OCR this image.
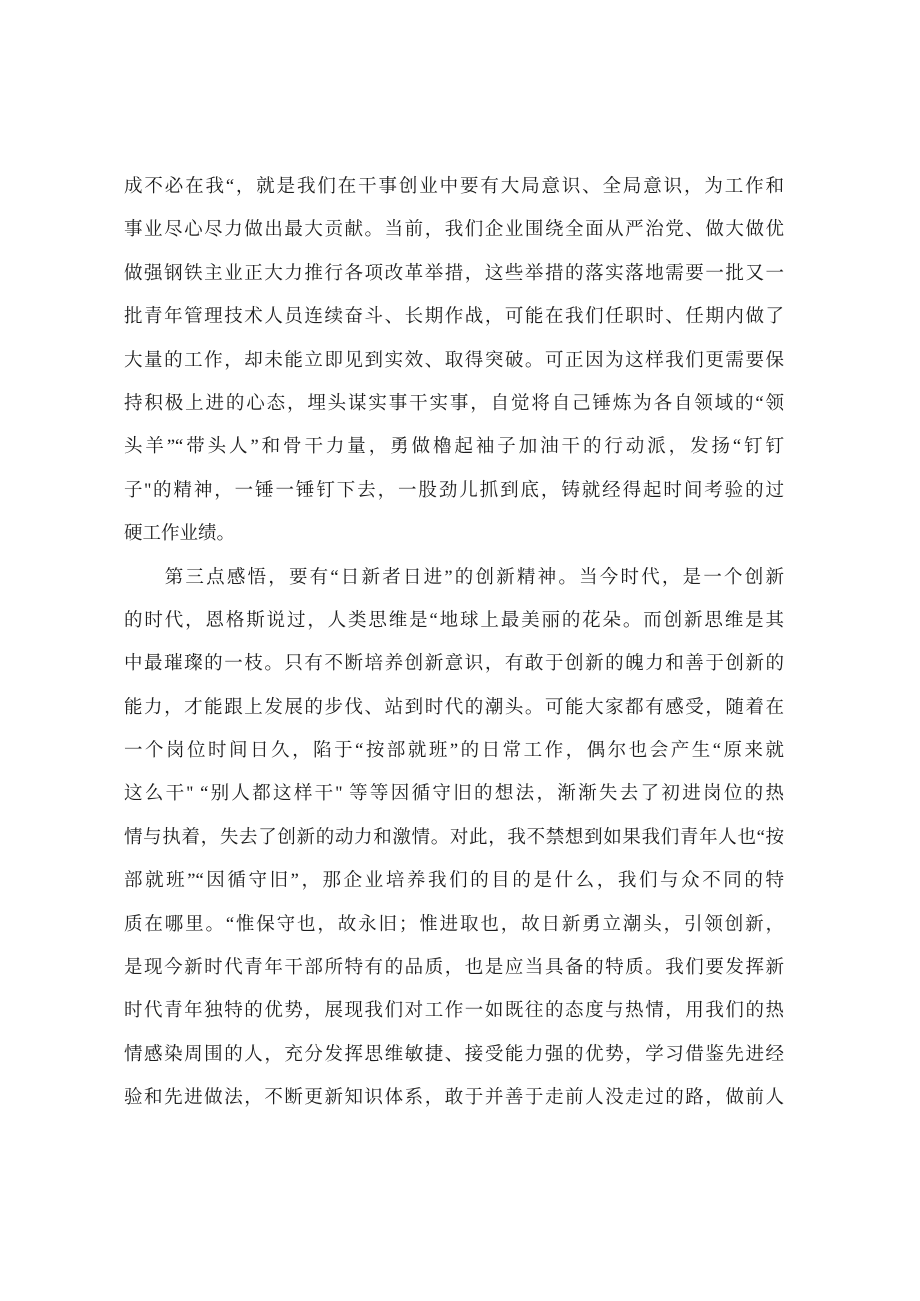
成不必在我“，就是我们在干事创业中要有大局意识、全局意识，为工作和
事业尽心尽力做出最大贡献。当前，我们企业围绕全面从严治党、做大做优
做强钢铁主业正大力推行各项改革举措，这些举措的落实落地需要一批又一
批青年管理技术人员连续奋斗、长期作战，可能在我们任职时、任期内做了
大量的工作，却未能立即见到实效、取得突破。可正因为这样我们更需要保
持积极上进的心态，埋头谋实事干实事，自觉将自己锤炼为各自领域的“领
头羊”“带头人”和骨干力量，勇做櫓起袖子加油干的行动派，发扬“钉钉
子''的精神，一锤一锤钉下去，一股劲儿抓到底，铸就经得起时间考验的过
硬工作业绩。
第三点感悟，要有“日新者日进”的创新精神。当今时代，是一个创新
的时代，恩格斯说过，人类思维是“地球上最美丽的花朵。而创新思维是其
中最璀璨的一枝。只有不断培养创新意识，有敢于创新的魄力和善于创新的
能力，才能跟上发展的步伐、站到时代的潮头。可能大家都有感受，随着在
一个岗位时间日久，陷于“按部就班”的日常工作，偶尔也会产生“原来就
这么干'' “别人都这样干'' 等等因循守旧的想法，渐渐失去了初进岗位的热
情与执着，失去了创新的动力和激情。对此，我不禁想到如果我们青年人也“按
部就班”“因循守旧”，那企业培养我们的目的是什么，我们与众不同的特
质在哪里。“惟保守也，故永旧；惟进取也，故日新勇立潮头，引领创新，
是现今新时代青年干部所特有的品质，也是应当具备的特质。我们要发挥新
时代青年独特的优势，展现我们对工作一如既往的态度与热情，用我们的热
情感染周围的人，充分发挥思维敏捷、接受能力强的优势，学习借鉴先进经
验和先进做法，不断更新知识体系，敢于并善于走前人没走过的路，做前人
